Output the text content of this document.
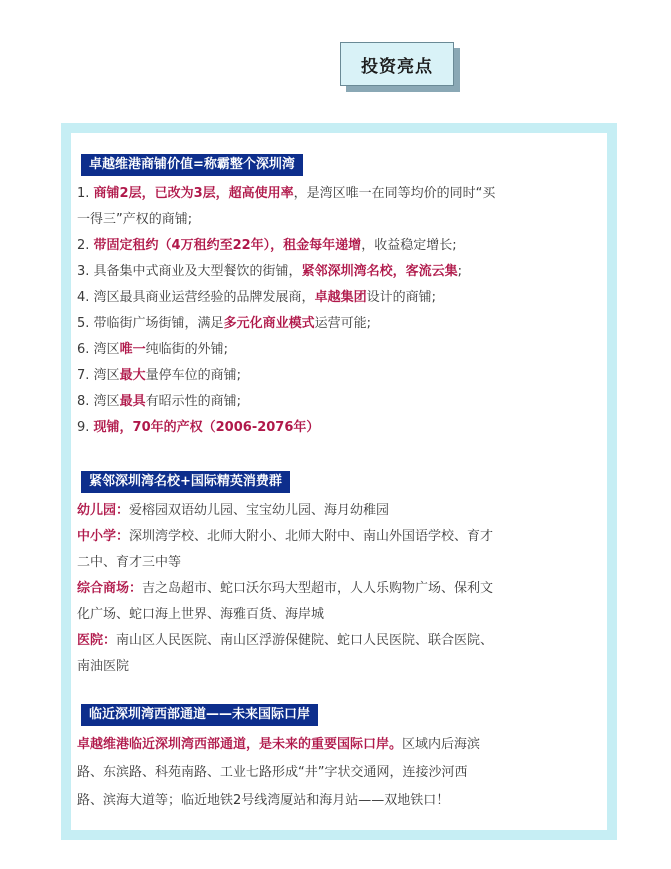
投资亮点
卓越维港商铺价值=称霸整个深圳湾
1. 商铺2层，已改为3层，超高使用率，是湾区唯一在同等均价的同时“买
一得三”产权的商铺;
2. 带固定租约（4万租约至22年），租金每年递增，收益稳定增长;
3. 具备集中式商业及大型餐饮的街铺，紧邻深圳湾名校，客流云集;
4. 湾区最具商业运营经验的品牌发展商，卓越集团设计的商铺;
5. 带临街广场街铺，满足多元化商业模式运营可能;
6. 湾区唯一纯临街的外铺;
7. 湾区最大量停车位的商铺;
8. 湾区最具有昭示性的商铺;
9. 现铺，70年的产权（2006-2076年）
紧邻深圳湾名校+国际精英消费群
幼儿园：爱榕园双语幼儿园、宝宝幼儿园、海月幼稚园
中小学：深圳湾学校、北师大附小、北师大附中、南山外国语学校、育才
二中、育才三中等
综合商场：吉之岛超市、蛇口沃尔玛大型超市，人人乐购物广场、保利文
化广场、蛇口海上世界、海雅百货、海岸城
医院：南山区人民医院、南山区浮游保健院、蛇口人民医院、联合医院、
南油医院
临近深圳湾西部通道——未来国际口岸
卓越维港临近深圳湾西部通道，是未来的重要国际口岸。区域内后海滨
路、东滨路、科苑南路、工业七路形成“井”字状交通网，连接沙河西
路、滨海大道等；临近地铁2号线湾厦站和海月站——双地铁口！
